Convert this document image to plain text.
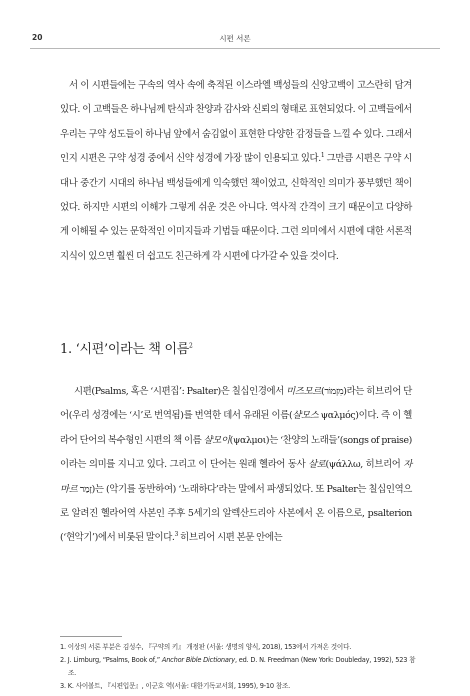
20	시편 서론

서 이 시편들에는 구속의 역사 속에 축적된 이스라엘 백성들의 신앙고백이 고스란히 담겨 있다. 이 고백들은 하나님께 탄식과 찬양과 감사와 신뢰의 형태로 표현되었다. 이 고백들에서 우리는 구약 성도들이 하나님 앞에서 숨김없이 표현한 다양한 감정들을 느낄 수 있다. 그래서인지 시편은 구약 성경 중에서 신약 성경에 가장 많이 인용되고 있다.$^1$ 그만큼 시편은 구약 시대나 중간기 시대의 하나님 백성들에게 익숙했던 책이었고, 신학적인 의미가 풍부했던 책이었다. 하지만 시편의 이해가 그렇게 쉬운 것은 아니다. 역사적 간격이 크기 때문이고 다양하게 이해될 수 있는 문학적인 이미지들과 기법들 때문이다. 그런 의미에서 시편에 대한 서론적 지식이 있으면 훨씬 더 쉽고도 친근하게 각 시편에 다가갈 수 있을 것이다.

1. ‘시편’이라는 책 이름$^2$

시편(Psalms, 혹은 ‘시편집’: Psalter)은 칠십인경에서 미즈모르(מִזְמוֹר)라는 히브리어 단어(우리 성경에는 ‘시’로 번역됨)를 번역한 데서 유래된 이름(샬모스 ψαλμός)이다. 즉 이 헬라어 단어의 복수형인 시편의 책 이름 샬모이(ψαλμοι)는 ‘찬양의 노래들’(songs of praise)이라는 의미를 지니고 있다. 그리고 이 단어는 원래 헬라어 동사 살로(ψάλλω, 히브리어 자마르 זָמַר)는 (악기를 동반하여) ‘노래하다’라는 말에서 파생되었다. 또 Psalter는 칠십인역으로 알려진 헬라어역 사본인 주후 5세기의 알렉산드리아 사본에서 온 이름으로, psalterion (‘현악기’)에서 비롯된 말이다.$^3$ 히브리어 시편 본문 안에는

1. 이상의 서론 부분은 김성수, 『구약의 키』 개정판 (서울: 생명의 양식, 2018), 153에서 가져온 것이다.

2. J. Limburg, “Psalms, Book of,” Anchor Bible Dictionary, ed. D. N. Freedman (New York: Doubleday, 1992), 523 참조.

3. K. 사이볼트, 『시편입문』, 이군호 역(서울: 대한기독교서회, 1995), 9-10 참조.
